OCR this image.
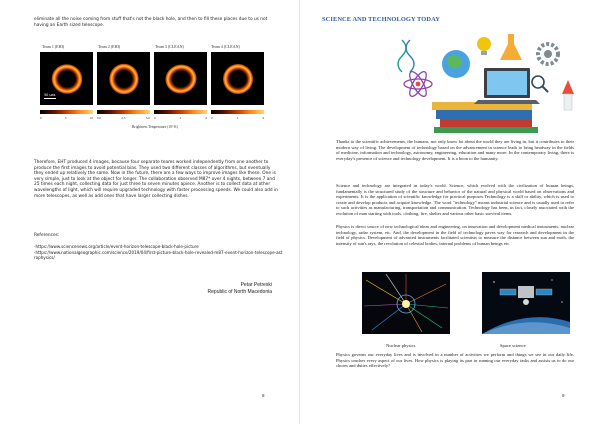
eliminate all the noise coming from stuff that's not the black hole, and then to fill these places due to us not having an Earth sized telescope.
Team 1 (EHI)	Team 2 (EHI)	Team 3 (CLEAN)	Team 4 (CLEAN)
50 μas
0	5	10 0.0	2.5	5.0 0	2	4 0	2	4
Brightness Temperature (10⁹ K)
Therefore, EHT produced 4 images, because four separate teams worked independently from one another to produce the first images to avoid potential bias. They used two different classes of algorithms, but eventually they ended up relatively the same. Now in the future, there are a few ways to improve images like these. One is very simple, just to look at the object for longer. The collaboration observed M87* over 4 nights, between 7 and 25 times each night, collecting data for just three to seven minutes apiece. Another is to collect data at other wavelengths of light, which will require upgraded technology with faster processing speeds. We could also add in more telescopes, as well as add ones that have larger collecting dishes.
References:
-https://www.sciencenews.org/article/event-horizon-telescope-black-hole-picture
-https://www.nationalgeographic.com/science/2019/04/first-picture-black-hole-revealed-m87-event-horizon-telescope-astrophysics/
Petar Petreski
Republic of North Macedonia
8
SCIENCE AND TECHNOLOGY TODAY
Thanks to the scientific achievements, the humans, not only know lot about the world they are living in, but it contributes to their modern way of living. The development of technology based on the advancement in science leads to bring headway in the fields of medicine, information and technology, astronomy, engineering, education and many more. In the contemporary living, there is everyday's presence of science and technology development. It is a boon to the humanity.
Science and technology are integrated in today's world. Science, which evolved with the civilization of human beings, fundamentally is the structured study of the structure and behavior of the natural and physical world based on observations and experiments. It is the application of scientific knowledge for practical purposes.Technology is a skill or ability, which is used to create and develop products and acquire knowledge. The word "technology" means industrial science and is usually used to refer to such activities as manufacturing, transportation and communication. Technology has been, in fact, closely associated with the evolution of man starting with tools, clothing, fire, shelter and various other basic survival items.
Physics is direct source of new technological ideas and engineering, on innovation and development medical instruments, nuclear technology, radar system, etc. And, the development in the field of technology paves way for research and development in the field of physics. Development of advanced instruments facilitated scientists to measure the distance between sun and earth, the intensity of sun's rays, the revolution of celestial bodies, internal problems of human beings etc.
Nuclear physics	Space science
Physics governs our everyday lives and is involved in a number of activities we perform and things we see in our daily life. Physics touches every aspect of our lives. How physics is playing its part in running our everyday tasks and assists us to do our chores and duties effectively?
9
